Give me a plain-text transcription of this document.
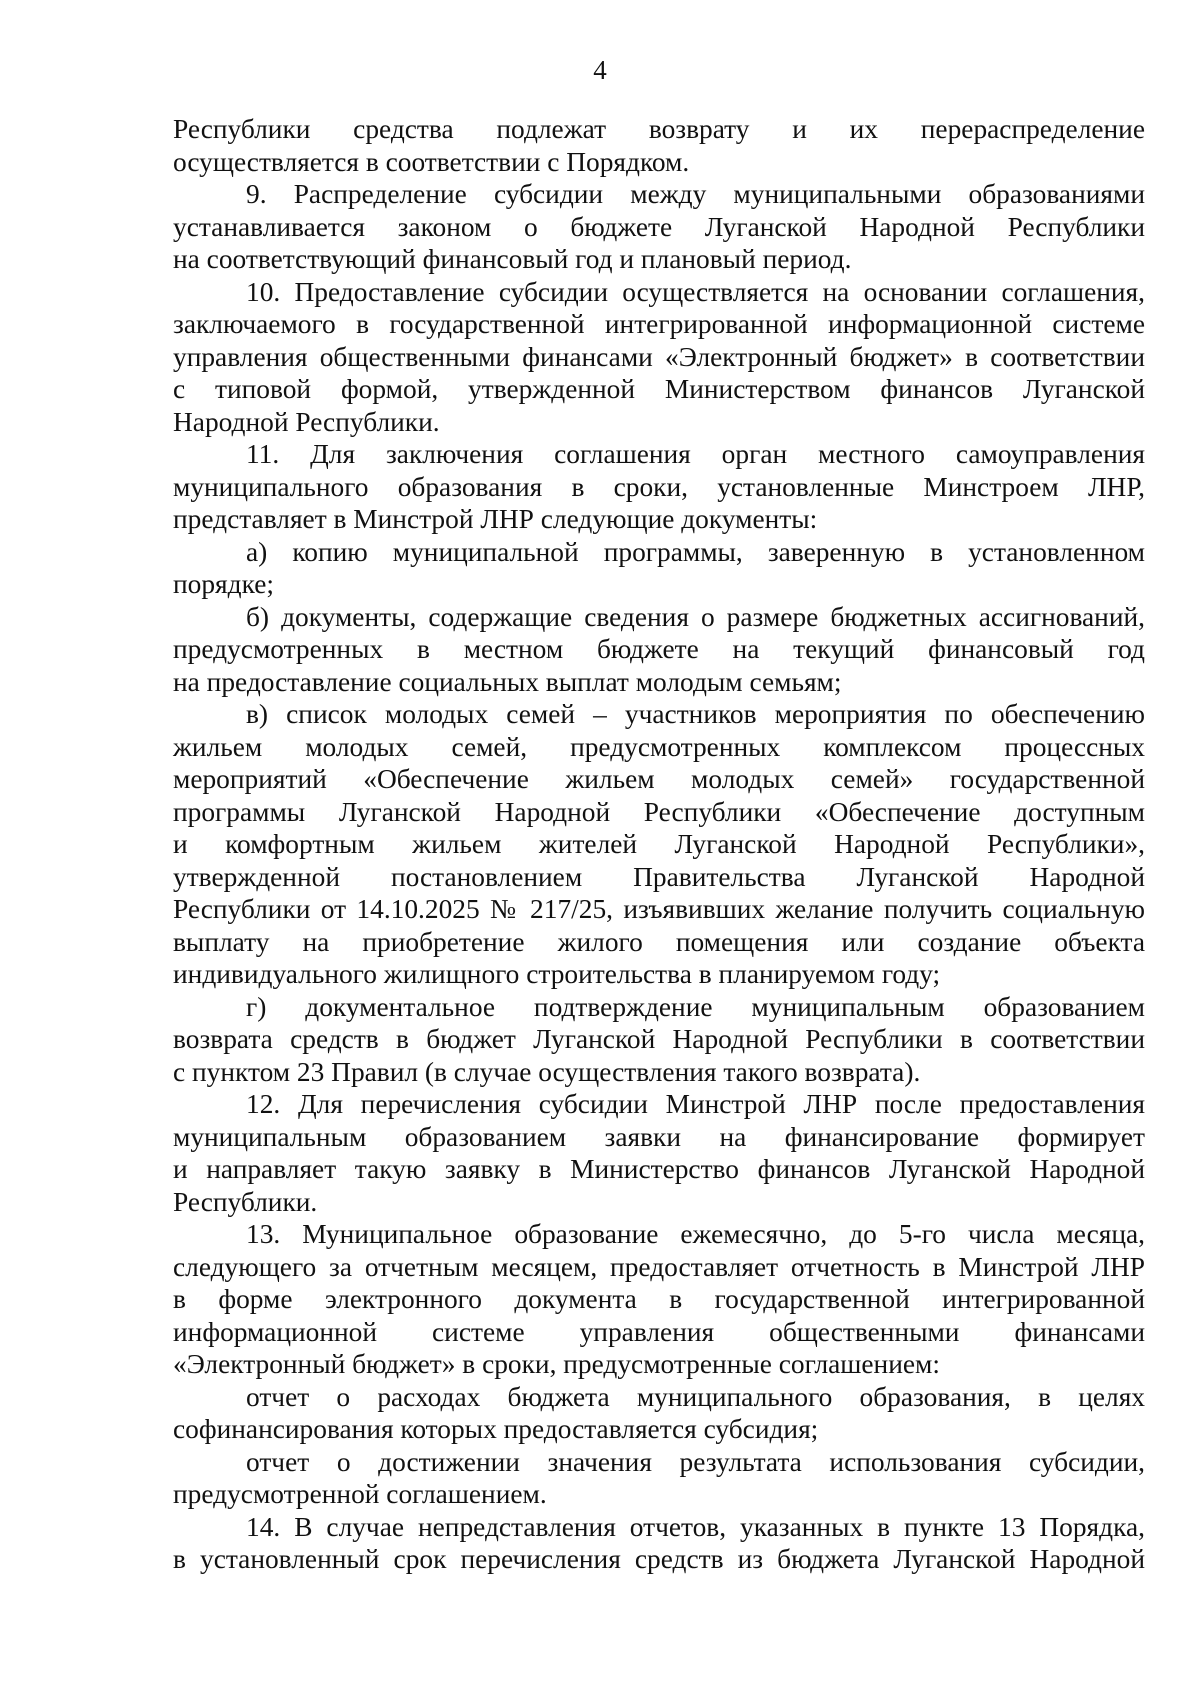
4
Республики средства подлежат возврату и их перераспределение
осуществляется в соответствии с Порядком.
9. Распределение субсидии между муниципальными образованиями
устанавливается законом о бюджете Луганской Народной Республики
на соответствующий финансовый год и плановый период.
10. Предоставление субсидии осуществляется на основании соглашения,
заключаемого в государственной интегрированной информационной системе
управления общественными финансами «Электронный бюджет» в соответствии
с типовой формой, утвержденной Министерством финансов Луганской
Народной Республики.
11. Для заключения соглашения орган местного самоуправления
муниципального образования в сроки, установленные Минстроем ЛНР,
представляет в Минстрой ЛНР следующие документы:
а) копию муниципальной программы, заверенную в установленном
порядке;
б) документы, содержащие сведения о размере бюджетных ассигнований,
предусмотренных в местном бюджете на текущий финансовый год
на предоставление социальных выплат молодым семьям;
в) список молодых семей – участников мероприятия по обеспечению
жильем молодых семей, предусмотренных комплексом процессных
мероприятий «Обеспечение жильем молодых семей» государственной
программы Луганской Народной Республики «Обеспечение доступным
и комфортным жильем жителей Луганской Народной Республики»,
утвержденной постановлением Правительства Луганской Народной
Республики от 14.10.2025 № 217/25, изъявивших желание получить социальную
выплату на приобретение жилого помещения или создание объекта
индивидуального жилищного строительства в планируемом году;
г) документальное подтверждение муниципальным образованием
возврата средств в бюджет Луганской Народной Республики в соответствии
с пунктом 23 Правил (в случае осуществления такого возврата).
12. Для перечисления субсидии Минстрой ЛНР после предоставления
муниципальным образованием заявки на финансирование формирует
и направляет такую заявку в Министерство финансов Луганской Народной
Республики.
13. Муниципальное образование ежемесячно, до 5-го числа месяца,
следующего за отчетным месяцем, предоставляет отчетность в Минстрой ЛНР
в форме электронного документа в государственной интегрированной
информационной системе управления общественными финансами
«Электронный бюджет» в сроки, предусмотренные соглашением:
отчет о расходах бюджета муниципального образования, в целях
софинансирования которых предоставляется субсидия;
отчет о достижении значения результата использования субсидии,
предусмотренной соглашением.
14. В случае непредставления отчетов, указанных в пункте 13 Порядка,
в установленный срок перечисления средств из бюджета Луганской Народной
